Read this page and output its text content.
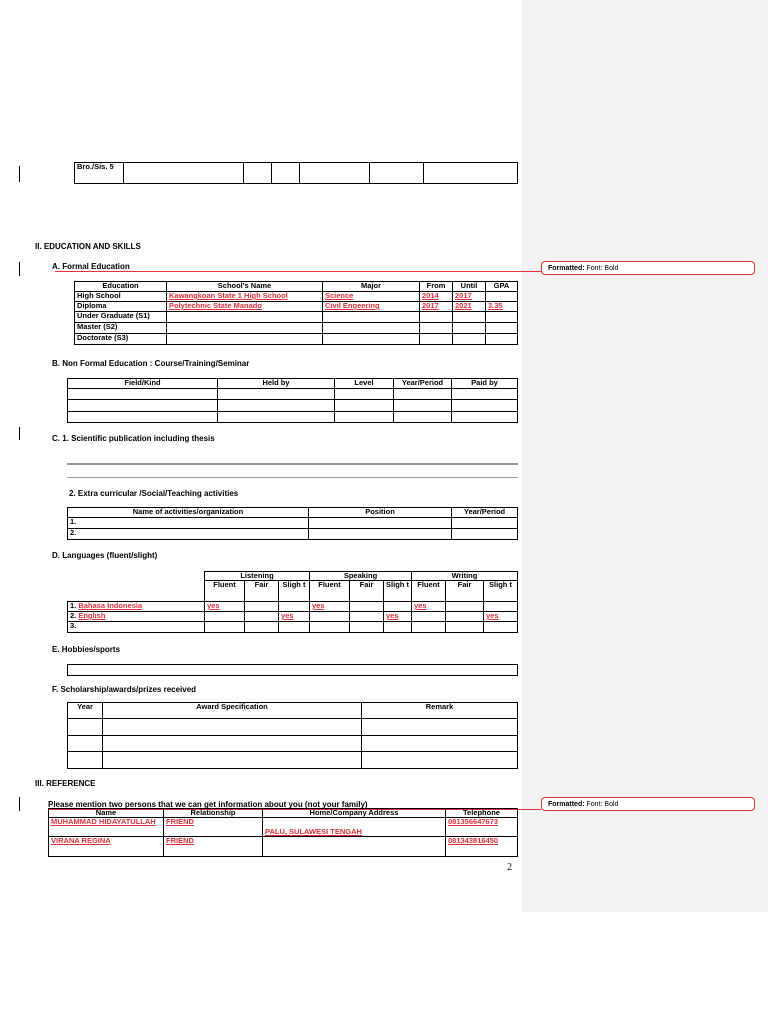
Bro./Sis. 5						
II. EDUCATION AND SKILLS
A. Formal Education	Formatted: Font: Bold
Education	School's Name	Major	From	Until	GPA
High School	Kawangkoan State 1 High School	Science	2014	2017	
Diploma	Polytechnic State Manado	Civil Engeering	2017	2021	3.35
Under Graduate (S1)					
Master (S2)					
Doctorate (S3)					
B. Non Formal Education : Course/Training/Seminar
Field/Kind	Held by	Level	Year/Period	Paid by

C. 1. Scientific publication including thesis
2. Extra curricular /Social/Teaching activities
Name of activities/organization	Position	Year/Period
1.		
2.		
D. Languages (fluent/slight)
	Listening			Speaking			Writing		
	Fluent	Fair	Sligh t	Fluent	Fair	Sligh t	Fluent	Fair	Sligh t
1. Bahasa Indonesia	yes			yes			yes		
2. English			yes			yes			yes
3.									
E. Hobbies/sports
F. Scholarship/awards/prizes received
Year	Award Specification	Remark

III. REFERENCE
Please mention two persons that we can get information about you (not your family)	Formatted: Font: Bold
Name	Relationship	Home/Company Address	Telephone
MUHAMMAD HIDAYATULLAH	FRIEND	PALU, SULAWESI TENGAH	081356647673
VIRANA REGINA	FRIEND		081343816450
2
